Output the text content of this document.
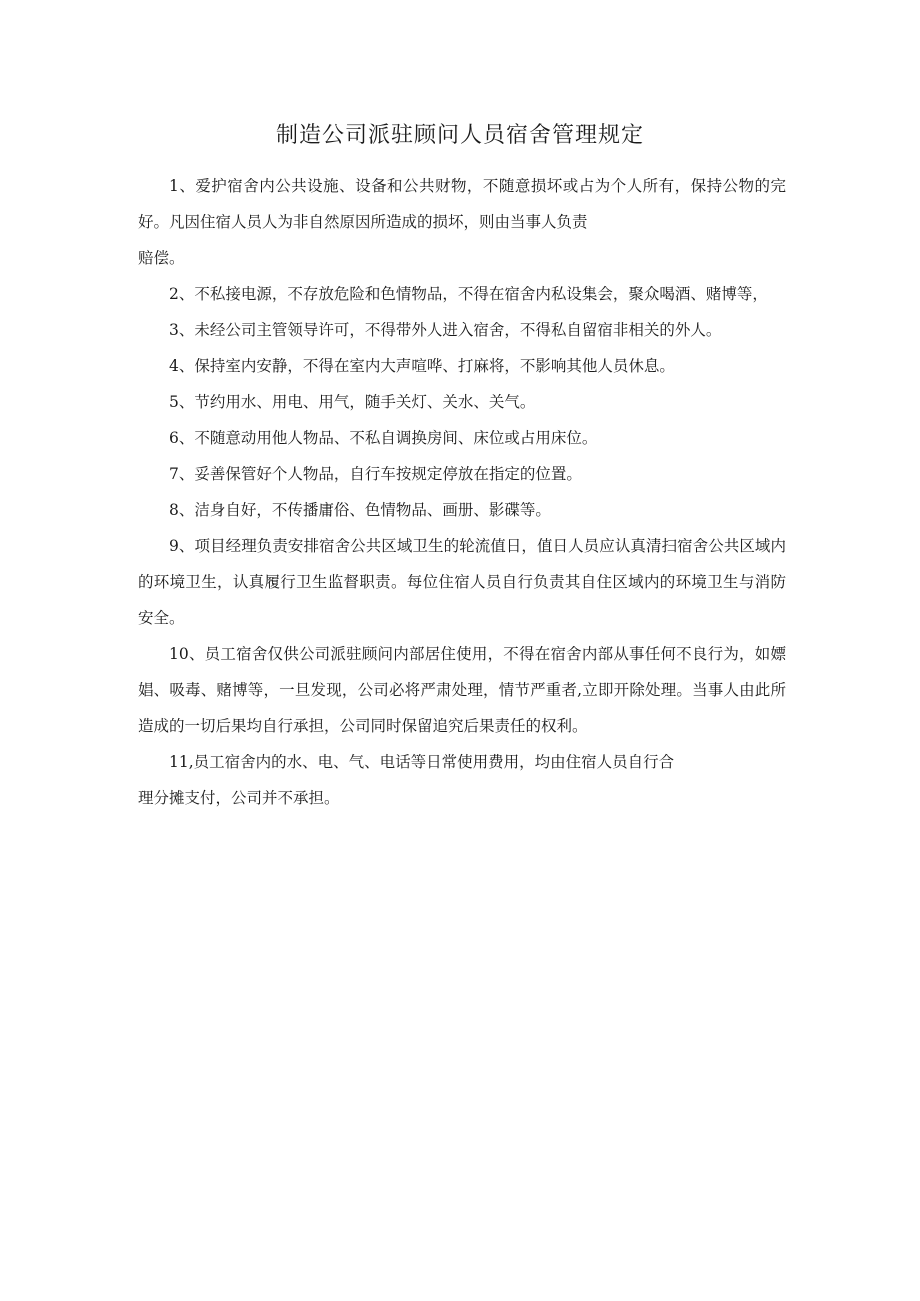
制造公司派驻顾问人员宿舍管理规定

1、爱护宿舍内公共设施、设备和公共财物，不随意损坏或占为个人所有，保持公物的完好。凡因住宿人员人为非自然原因所造成的损坏，则由当事人负责
赔偿。

2、不私接电源，不存放危险和色情物品，不得在宿舍内私设集会，聚众喝酒、赌博等，

3、未经公司主管领导许可，不得带外人进入宿舍，不得私自留宿非相关的外人。

4、保持室内安静，不得在室内大声喧哗、打麻将，不影响其他人员休息。

5、节约用水、用电、用气，随手关灯、关水、关气。

6、不随意动用他人物品、不私自调换房间、床位或占用床位。

7、妥善保管好个人物品，自行车按规定停放在指定的位置。

8、洁身自好，不传播庸俗、色情物品、画册、影碟等。

9、项目经理负责安排宿舍公共区域卫生的轮流值日，值日人员应认真清扫宿舍公共区域内的环境卫生，认真履行卫生监督职责。每位住宿人员自行负责其自住区域内的环境卫生与消防安全。

10、员工宿舍仅供公司派驻顾问内部居住使用，不得在宿舍内部从事任何不良行为，如嫖娼、吸毒、赌博等，一旦发现，公司必将严肃处理，情节严重者,立即开除处理。当事人由此所造成的一切后果均自行承担，公司同时保留追究后果责任的权利。

11,员工宿舍内的水、电、气、电话等日常使用费用，均由住宿人员自行合
理分摊支付，公司并不承担。
